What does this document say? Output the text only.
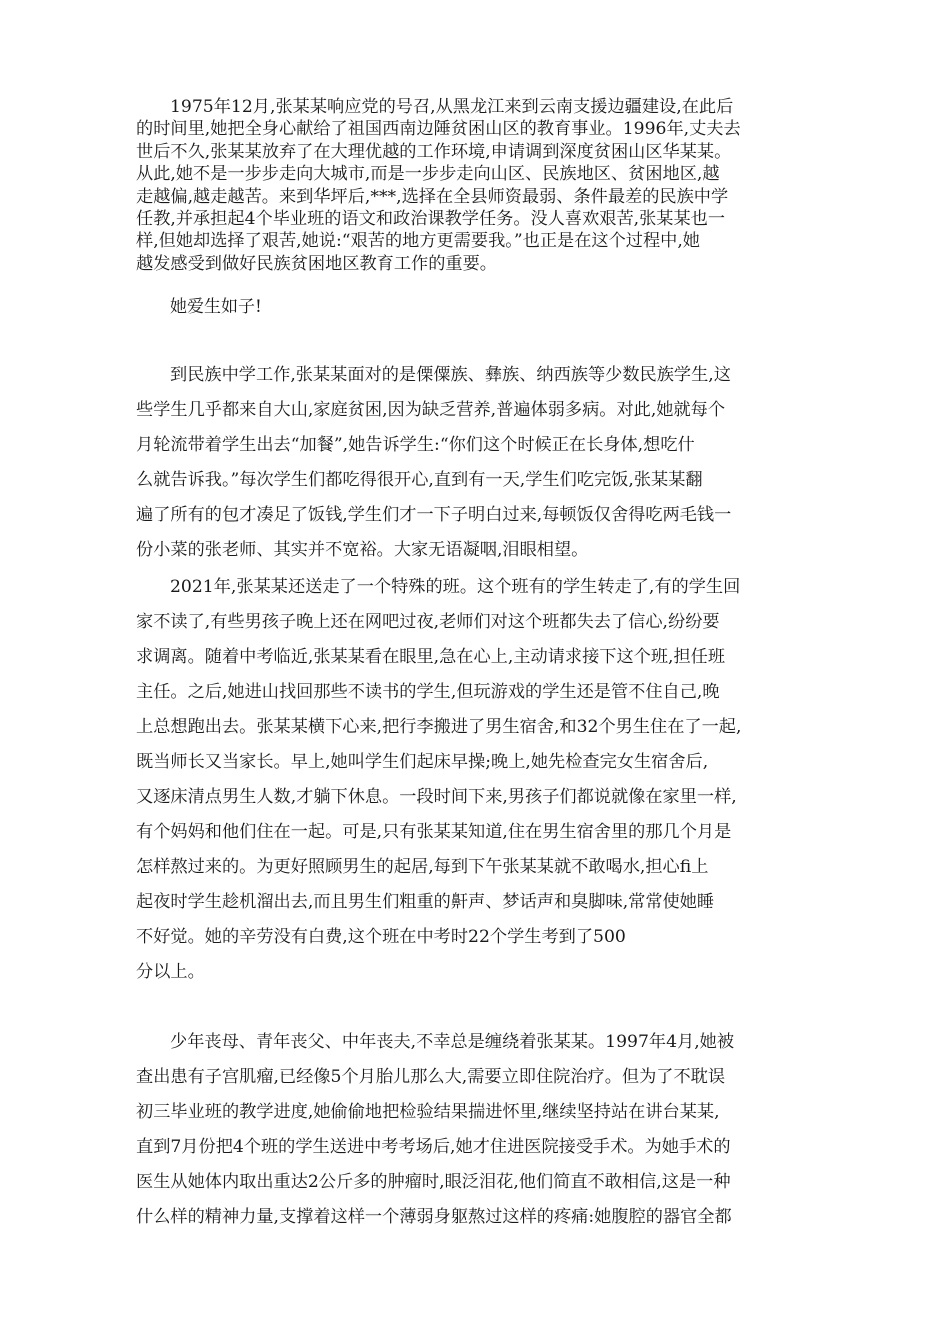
1975年12月,张某某响应党的号召,从黑龙江来到云南支援边疆建设,在此后
的时间里,她把全身心献给了祖国西南边陲贫困山区的教育事业。1996年,丈夫去
世后不久,张某某放弃了在大理优越的工作环境,申请调到深度贫困山区华某某。
从此,她不是一步步走向大城市,而是一步步走向山区、民族地区、贫困地区,越
走越偏,越走越苦。来到华坪后,***,选择在全县师资最弱、条件最差的民族中学
任教,并承担起4个毕业班的语文和政治课教学任务。没人喜欢艰苦,张某某也一
样,但她却选择了艰苦,她说:“艰苦的地方更需要我。”也正是在这个过程中,她
越发感受到做好民族贫困地区教育工作的重要。
她爱生如子!
到民族中学工作,张某某面对的是傈僳族、彝族、纳西族等少数民族学生,这
些学生几乎都来自大山,家庭贫困,因为缺乏营养,普遍体弱多病。对此,她就每个
月轮流带着学生出去“加餐”,她告诉学生:“你们这个时候正在长身体,想吃什
么就告诉我。”每次学生们都吃得很开心,直到有一天,学生们吃完饭,张某某翻
遍了所有的包才凑足了饭钱,学生们才一下子明白过来,每顿饭仅舍得吃两毛钱一
份小菜的张老师、其实并不宽裕。大家无语凝咽,泪眼相望。
2021年,张某某还送走了一个特殊的班。这个班有的学生转走了,有的学生回
家不读了,有些男孩子晚上还在网吧过夜,老师们对这个班都失去了信心,纷纷要
求调离。随着中考临近,张某某看在眼里,急在心上,主动请求接下这个班,担任班
主任。之后,她进山找回那些不读书的学生,但玩游戏的学生还是管不住自己,晚
上总想跑出去。张某某横下心来,把行李搬进了男生宿舍,和32个男生住在了一起,
既当师长又当家长。早上,她叫学生们起床早操;晚上,她先检查完女生宿舍后,
又逐床清点男生人数,才躺下休息。一段时间下来,男孩子们都说就像在家里一样,
有个妈妈和他们住在一起。可是,只有张某某知道,住在男生宿舍里的那几个月是
怎样熬过来的。为更好照顾男生的起居,每到下午张某某就不敢喝水,担心fi上
起夜时学生趁机溜出去,而且男生们粗重的鼾声、梦话声和臭脚味,常常使她睡
不好觉。她的辛劳没有白费,这个班在中考时22个学生考到了500
分以上。
少年丧母、青年丧父、中年丧夫,不幸总是缠绕着张某某。1997年4月,她被
查出患有子宫肌瘤,已经像5个月胎儿那么大,需要立即住院治疗。但为了不耽误
初三毕业班的教学进度,她偷偷地把检验结果揣进怀里,继续坚持站在讲台某某,
直到7月份把4个班的学生送进中考考场后,她才住进医院接受手术。为她手术的
医生从她体内取出重达2公斤多的肿瘤时,眼泛泪花,他们简直不敢相信,这是一种
什么样的精神力量,支撑着这样一个薄弱身躯熬过这样的疼痛:她腹腔的器官全都
